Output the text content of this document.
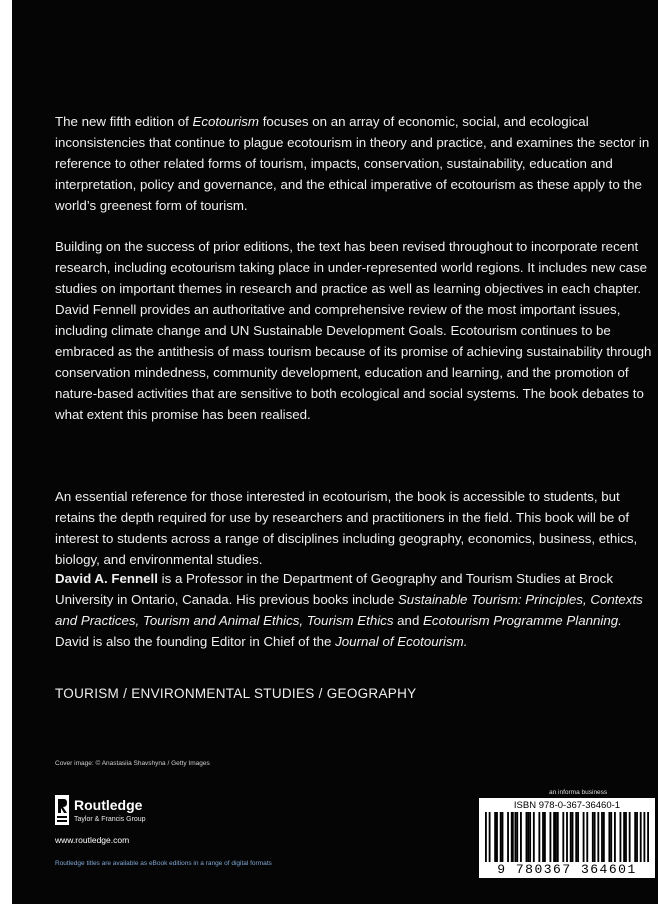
The new fifth edition of Ecotourism focuses on an array of economic, social, and ecological inconsistencies that continue to plague ecotourism in theory and practice, and examines the sector in reference to other related forms of tourism, impacts, conservation, sustainability, education and interpretation, policy and governance, and the ethical imperative of ecotourism as these apply to the world’s greenest form of tourism.

Building on the success of prior editions, the text has been revised throughout to incorporate recent research, including ecotourism taking place in under-represented world regions. It includes new case studies on important themes in research and practice as well as learning objectives in each chapter. David Fennell provides an authoritative and comprehensive review of the most important issues, including climate change and UN Sustainable Development Goals. Ecotourism continues to be embraced as the antithesis of mass tourism because of its promise of achieving sustainability through conservation mindedness, community development, education and learning, and the promotion of nature-based activities that are sensitive to both ecological and social systems. The book debates to what extent this promise has been realised.

An essential reference for those interested in ecotourism, the book is accessible to students, but retains the depth required for use by researchers and practitioners in the field. This book will be of interest to students across a range of disciplines including geography, economics, business, ethics, biology, and environmental studies.

David A. Fennell is a Professor in the Department of Geography and Tourism Studies at Brock University in Ontario, Canada. His previous books include Sustainable Tourism: Principles, Contexts and Practices, Tourism and Animal Ethics, Tourism Ethics and Ecotourism Programme Planning. David is also the founding Editor in Chief of the Journal of Ecotourism.

TOURISM / ENVIRONMENTAL STUDIES / GEOGRAPHY
Cover image: © Anastasiia Shavshyna / Getty Images
Routledge
Taylor & Francis Group
www.routledge.com
Routledge titles are available as eBook editions in a range of digital formats
an informa business
ISBN 978-0-367-36460-1
9 780367 364601
